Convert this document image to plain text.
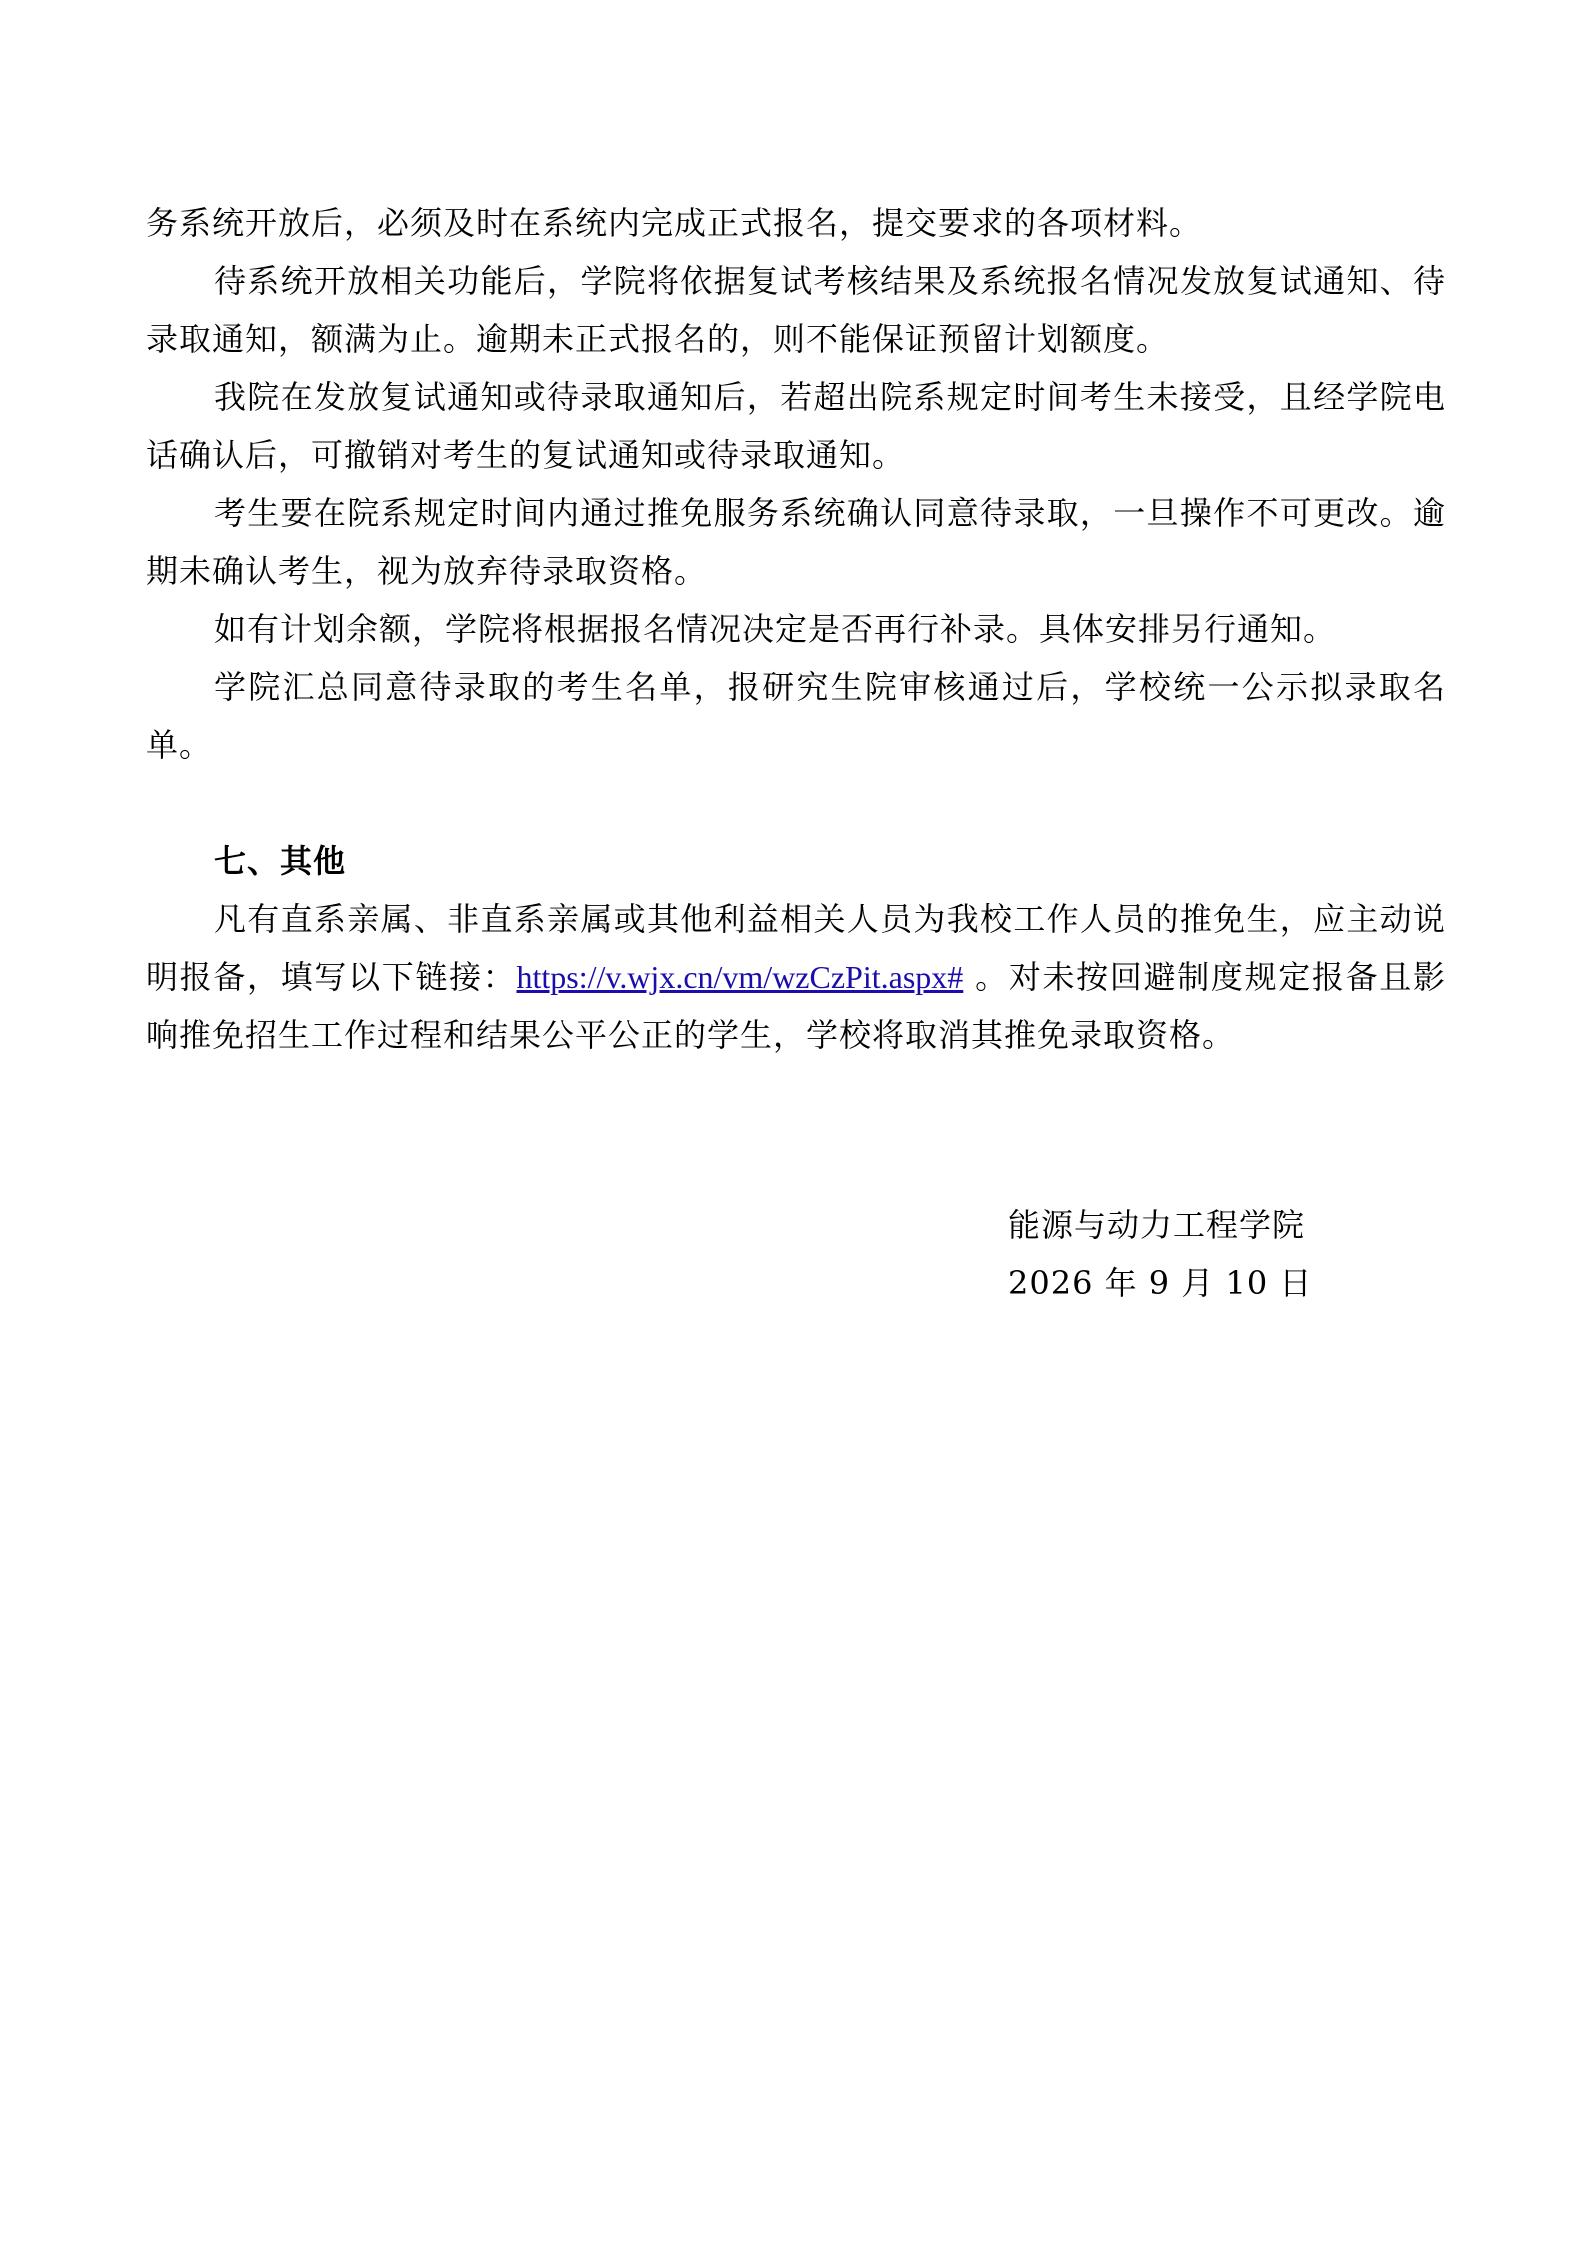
务系统开放后，必须及时在系统内完成正式报名，提交要求的各项材料。

待系统开放相关功能后，学院将依据复试考核结果及系统报名情况发放复试通知、待录取通知，额满为止。逾期未正式报名的，则不能保证预留计划额度。

我院在发放复试通知或待录取通知后，若超出院系规定时间考生未接受，且经学院电话确认后，可撤销对考生的复试通知或待录取通知。

考生要在院系规定时间内通过推免服务系统确认同意待录取，一旦操作不可更改。逾期未确认考生，视为放弃待录取资格。

如有计划余额，学院将根据报名情况决定是否再行补录。具体安排另行通知。

学院汇总同意待录取的考生名单，报研究生院审核通过后，学校统一公示拟录取名单。

七、其他

凡有直系亲属、非直系亲属或其他利益相关人员为我校工作人员的推免生，应主动说明报备，填写以下链接：https://v.wjx.cn/vm/wzCzPit.aspx# 。对未按回避制度规定报备且影响推免招生工作过程和结果公平公正的学生，学校将取消其推免录取资格。

能源与动力工程学院
2026 年 9 月 10 日
